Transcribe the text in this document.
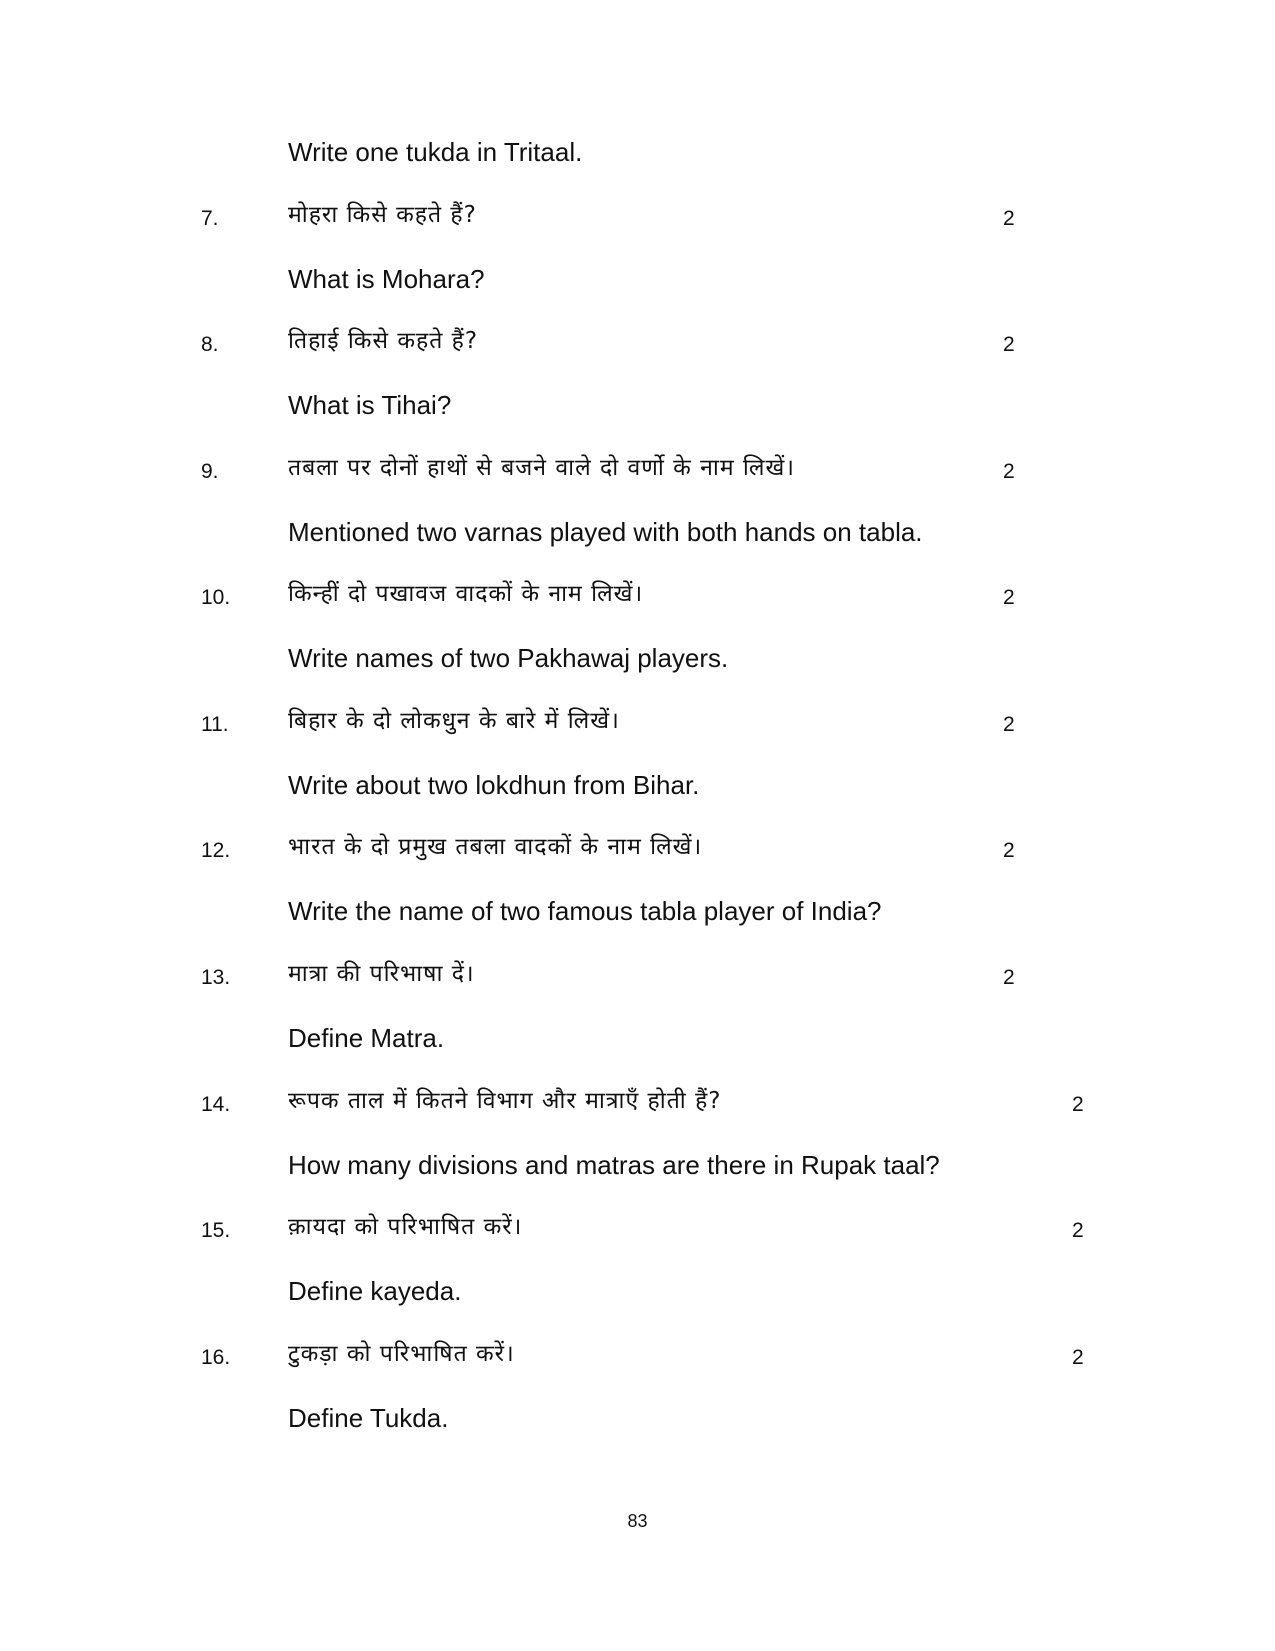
Write one tukda in Tritaal.
7.	मोहरा किसे कहते हैं?	2
What is Mohara?
8.	तिहाई किसे कहते हैं?	2
What is Tihai?
9.	तबला पर दोनों हाथों से बजने वाले दो वर्णो के नाम लिखें।	2
Mentioned two varnas played with both hands on tabla.
10.	किन्हीं दो पखावज वादकों के नाम लिखें।	2
Write names of two Pakhawaj players.
11.	बिहार के दो लोकधुन के बारे में लिखें।	2
Write about two lokdhun from Bihar.
12.	भारत के दो प्रमुख तबला वादकों के नाम लिखें।	2
Write the name of two famous tabla player of India?
13.	मात्रा की परिभाषा दें।	2
Define Matra.
14.	रूपक ताल में कितने विभाग और मात्राएँ होती हैं?	2
How many divisions and matras are there in Rupak taal?
15.	क़ायदा को परिभाषित करें।	2
Define kayeda.
16.	टुकड़ा को परिभाषित करें।	2
Define Tukda.
83
